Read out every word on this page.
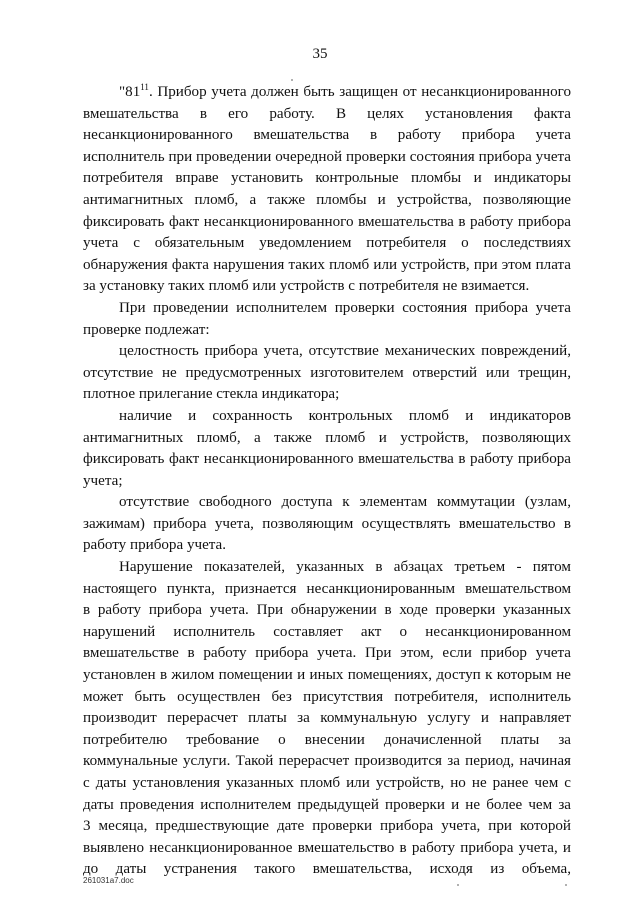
35
"$81^{11}$. Прибор учета должен быть защищен от несанкционированного
вмешательства в его работу. В целях установления факта
несанкционированного вмешательства в работу прибора учета
исполнитель при проведении очередной проверки состояния прибора учета
потребителя вправе установить контрольные пломбы и индикаторы
антимагнитных пломб, а также пломбы и устройства, позволяющие
фиксировать факт несанкционированного вмешательства в работу прибора
учета с обязательным уведомлением потребителя о последствиях
обнаружения факта нарушения таких пломб или устройств, при этом плата
за установку таких пломб или устройств с потребителя не взимается.
При проведении исполнителем проверки состояния прибора учета
проверке подлежат:
целостность прибора учета, отсутствие механических повреждений,
отсутствие не предусмотренных изготовителем отверстий или трещин,
плотное прилегание стекла индикатора;
наличие и сохранность контрольных пломб и индикаторов
антимагнитных пломб, а также пломб и устройств, позволяющих
фиксировать факт несанкционированного вмешательства в работу прибора
учета;
отсутствие свободного доступа к элементам коммутации (узлам,
зажимам) прибора учета, позволяющим осуществлять вмешательство в
работу прибора учета.
Нарушение показателей, указанных в абзацах третьем - пятом
настоящего пункта, признается несанкционированным вмешательством
в работу прибора учета. При обнаружении в ходе проверки указанных
нарушений исполнитель составляет акт о несанкционированном
вмешательстве в работу прибора учета. При этом, если прибор учета
установлен в жилом помещении и иных помещениях, доступ к которым не
может быть осуществлен без присутствия потребителя, исполнитель
производит перерасчет платы за коммунальную услугу и направляет
потребителю требование о внесении доначисленной платы за
коммунальные услуги. Такой перерасчет производится за период, начиная
с даты установления указанных пломб или устройств, но не ранее чем с
даты проведения исполнителем предыдущей проверки и не более чем за
3 месяца, предшествующие дате проверки прибора учета, при которой
выявлено несанкционированное вмешательство в работу прибора учета, и
до даты устранения такого вмешательства, исходя из объема,
261031a7.doc
